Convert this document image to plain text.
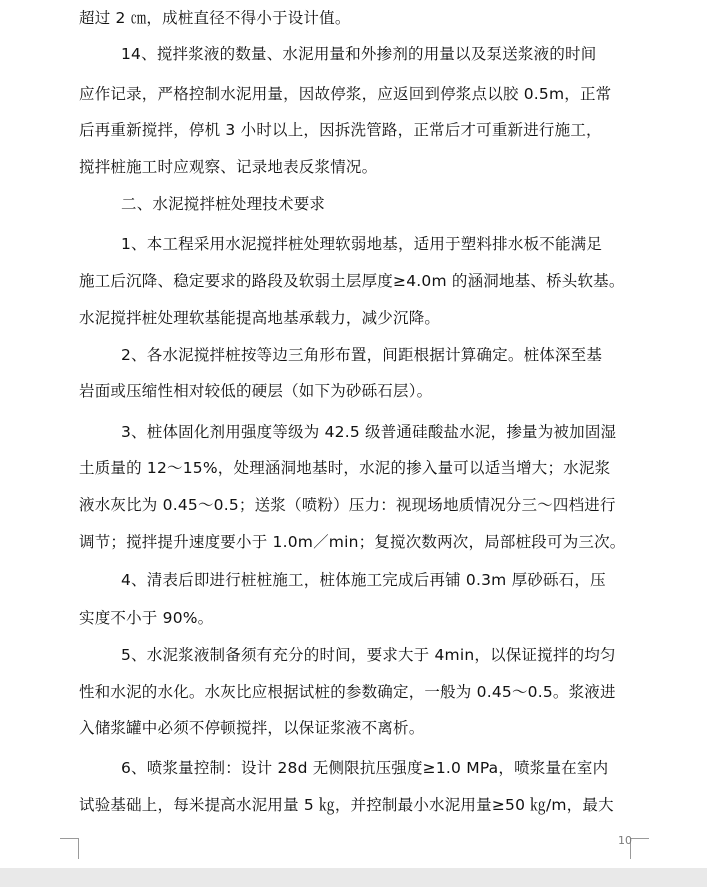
超过 2 ㎝，成桩直径不得小于设计值。
14、搅拌浆液的数量、水泥用量和外掺剂的用量以及泵送浆液的时间
应作记录，严格控制水泥用量，因故停浆，应返回到停浆点以胶 0.5m，正常
后再重新搅拌，停机 3 小时以上，因拆洗管路，正常后才可重新进行施工，
搅拌桩施工时应观察、记录地表反浆情况。
二、水泥搅拌桩处理技术要求
1、本工程采用水泥搅拌桩处理软弱地基，适用于塑料排水板不能满足
施工后沉降、稳定要求的路段及软弱土层厚度≥4.0m 的涵洞地基、桥头软基。
水泥搅拌桩处理软基能提高地基承载力，减少沉降。
2、各水泥搅拌桩按等边三角形布置，间距根据计算确定。桩体深至基
岩面或压缩性相对较低的硬层（如下为砂砾石层）。
3、桩体固化剂用强度等级为 42.5 级普通硅酸盐水泥，掺量为被加固湿
土质量的 12～15%，处理涵洞地基时，水泥的掺入量可以适当增大；水泥浆
液水灰比为 0.45～0.5；送浆（喷粉）压力：视现场地质情况分三～四档进行
调节；搅拌提升速度要小于 1.0m／min；复搅次数两次，局部桩段可为三次。
4、清表后即进行桩桩施工，桩体施工完成后再铺 0.3m 厚砂砾石，压
实度不小于 90%。
5、水泥浆液制备须有充分的时间，要求大于 4min，以保证搅拌的均匀
性和水泥的水化。水灰比应根据试桩的参数确定，一般为 0.45～0.5。浆液进
入储浆罐中必须不停顿搅拌，以保证浆液不离析。
6、喷浆量控制：设计 28d 无侧限抗压强度≥1.0 MPa，喷浆量在室内
试验基础上，每米提高水泥用量 5 ㎏，并控制最小水泥用量≥50 ㎏/m，最大
10
